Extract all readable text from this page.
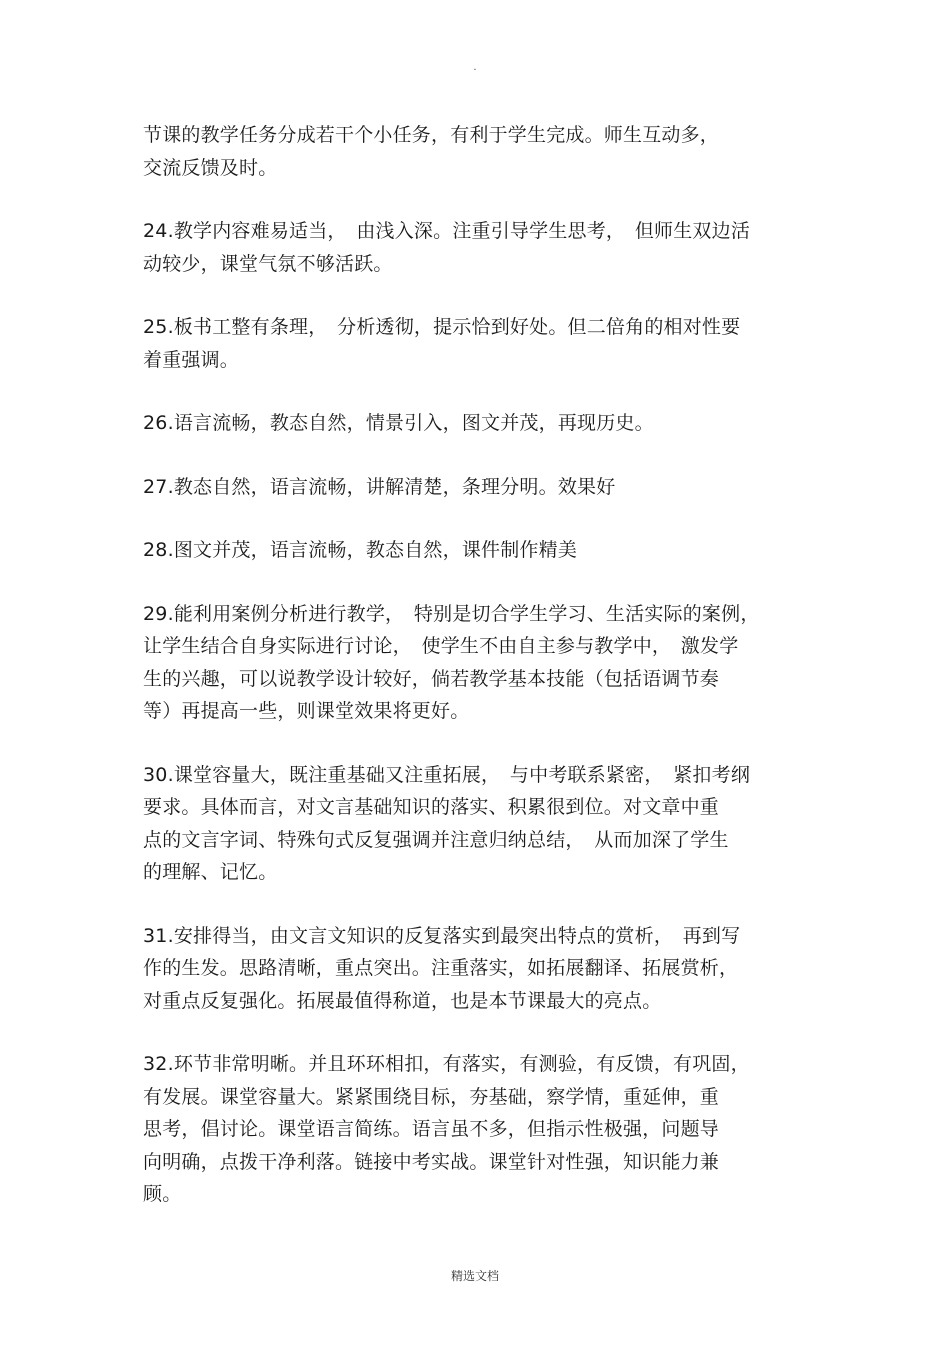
.

节课的教学任务分成若干个小任务，有利于学生完成。师生互动多，
交流反馈及时。

24.教学内容难易适当，　由浅入深。注重引导学生思考，　但师生双边活
动较少，课堂气氛不够活跃。

25.板书工整有条理，　分析透彻，提示恰到好处。但二倍角的相对性要
着重强调。

26.语言流畅，教态自然，情景引入，图文并茂，再现历史。

27.教态自然，语言流畅，讲解清楚，条理分明。效果好

28.图文并茂，语言流畅，教态自然，课件制作精美

29.能利用案例分析进行教学，　特别是切合学生学习、生活实际的案例，
让学生结合自身实际进行讨论，　使学生不由自主参与教学中，　激发学
生的兴趣，可以说教学设计较好，倘若教学基本技能（包括语调节奏
等）再提高一些，则课堂效果将更好。

30.课堂容量大，既注重基础又注重拓展，　与中考联系紧密，　紧扣考纲
要求。具体而言，对文言基础知识的落实、积累很到位。对文章中重
点的文言字词、特殊句式反复强调并注意归纳总结，　从而加深了学生
的理解、记忆。

31.安排得当，由文言文知识的反复落实到最突出特点的赏析，　再到写
作的生发。思路清晰，重点突出。注重落实，如拓展翻译、拓展赏析，
对重点反复强化。拓展最值得称道，也是本节课最大的亮点。

32.环节非常明晰。并且环环相扣，有落实，有测验，有反馈，有巩固，
有发展。课堂容量大。紧紧围绕目标，夯基础，察学情，重延伸，重
思考，倡讨论。课堂语言简练。语言虽不多，但指示性极强，问题导
向明确，点拨干净利落。链接中考实战。课堂针对性强，知识能力兼
顾。

精选文档
